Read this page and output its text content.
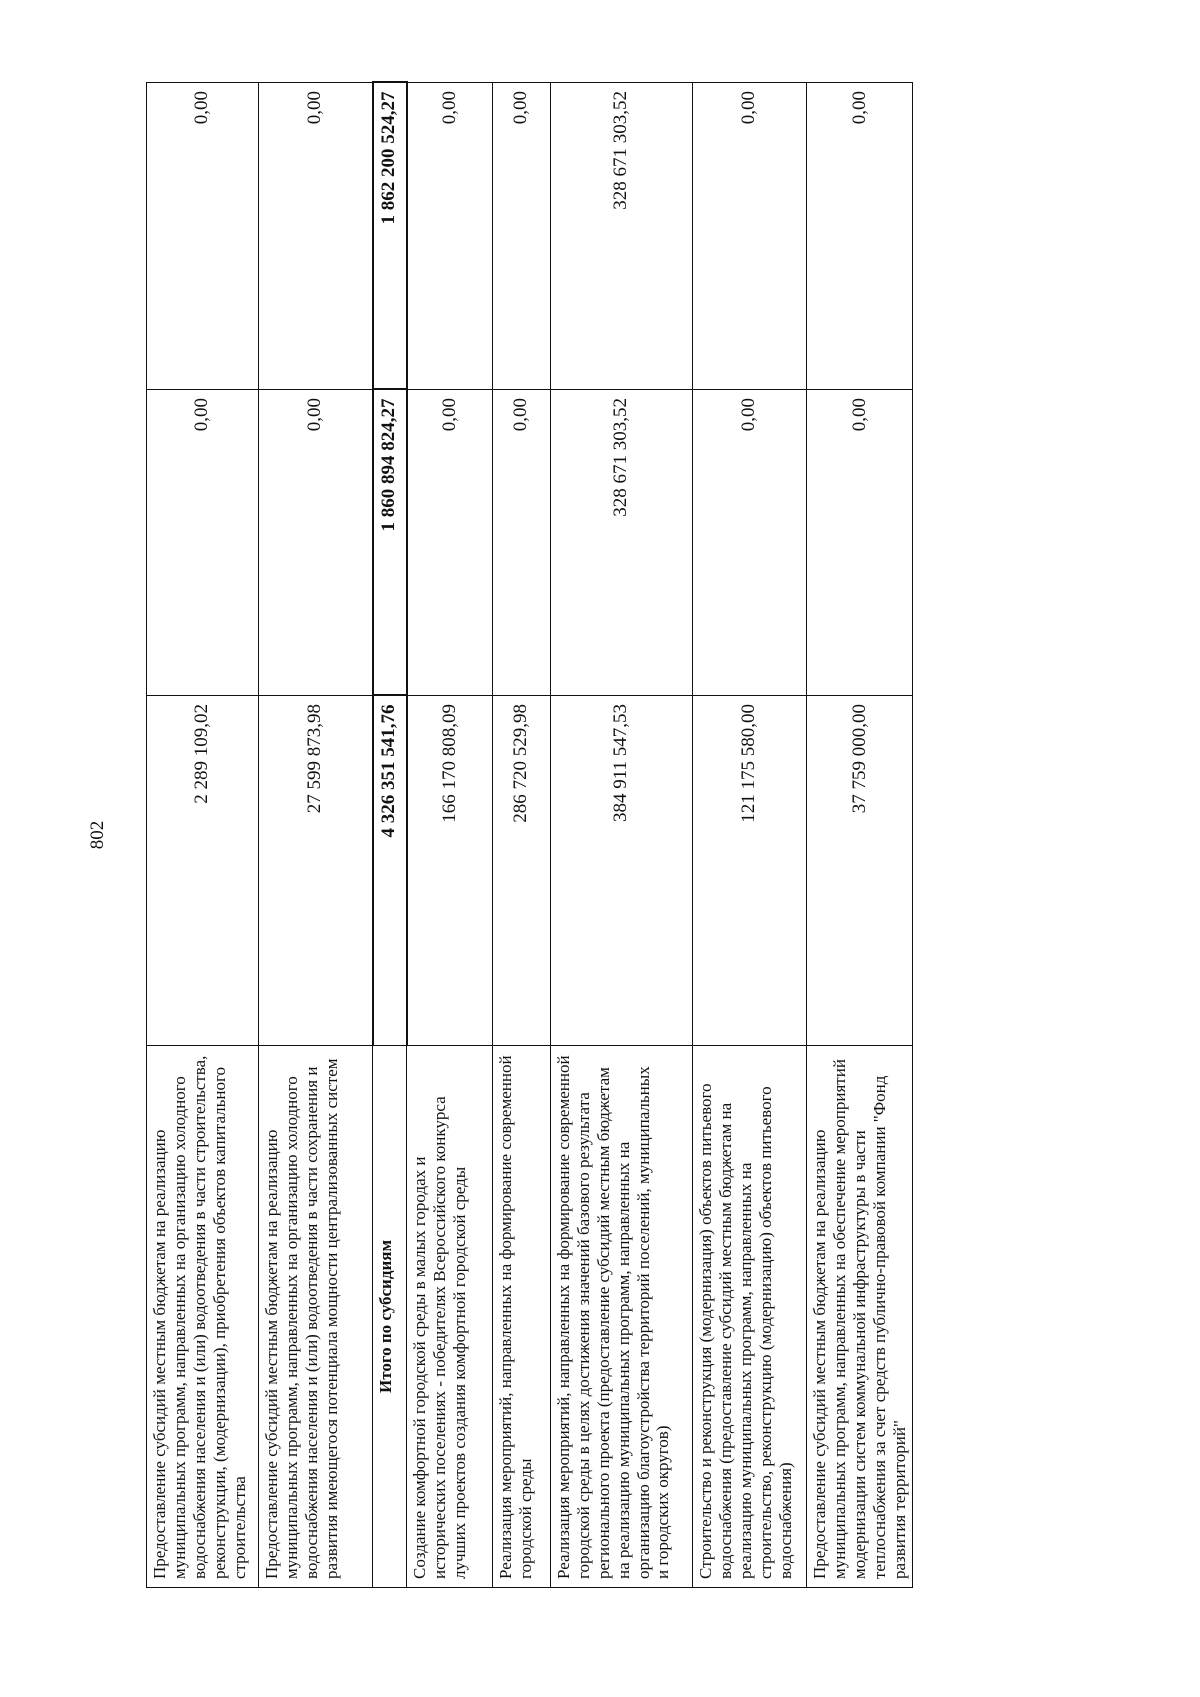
802
Предоставление субсидий местным бюджетам на реализацию муниципальных программ, направленных на организацию холодного водоснабжения населения и (или) водоотведения в части строительства, реконструкции, (модернизации), приобретения объектов капитального строительства	2 289 109,02	0,00	0,00
Предоставление субсидий местным бюджетам на реализацию муниципальных программ, направленных на организацию холодного водоснабжения населения и (или) водоотведения в части сохранения и развития имеющегося потенциала мощности централизованных систем	27 599 873,98	0,00	0,00
Итого по субсидиям	4 326 351 541,76	1 860 894 824,27	1 862 200 524,27
Создание комфортной городской среды в малых городах и исторических поселениях - победителях Всероссийского конкурса лучших проектов создания комфортной городской среды	166 170 808,09	0,00	0,00
Реализация мероприятий, направленных на формирование современной городской среды	286 720 529,98	0,00	0,00
Реализация мероприятий, направленных на формирование современной городской среды в целях достижения значений базового результата регионального проекта (предоставление субсидий местным бюджетам на реализацию муниципальных программ, направленных на организацию благоустройства территорий поселений, муниципальных и городских округов)	384 911 547,53	328 671 303,52	328 671 303,52
Строительство и реконструкция (модернизация) объектов питьевого водоснабжения (предоставление субсидий местным бюджетам на реализацию муниципальных программ, направленных на строительство, реконструкцию (модернизацию) объектов питьевого водоснабжения)	121 175 580,00	0,00	0,00
Предоставление субсидий местным бюджетам на реализацию муниципальных программ, направленных на обеспечение мероприятий модернизации систем коммунальной инфраструктуры в части теплоснабжения за счет средств публично-правовой компании "Фонд развития территорий"	37 759 000,00	0,00	0,00
